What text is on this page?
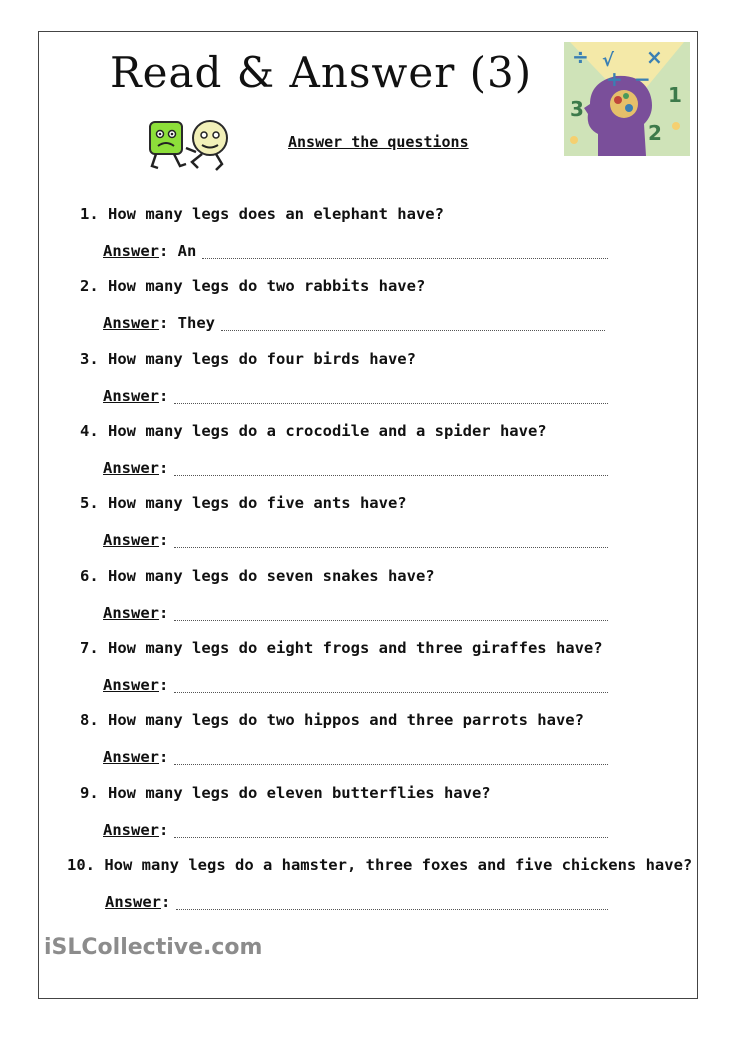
Read & Answer (3)
Answer the questions
÷ √ ×
+ −
3
1
2
1. How many legs does an elephant have?
Answer : An
2. How many legs do two rabbits have?
Answer : They
3. How many legs do four birds have?
Answer :
4. How many legs do a crocodile and a spider have?
Answer :
5. How many legs do five ants have?
Answer :
6. How many legs do seven snakes have?
Answer :
7. How many legs do eight frogs and three giraffes have?
Answer :
8. How many legs do two hippos and three parrots have?
Answer :
9. How many legs do eleven butterflies have?
Answer :
10. How many legs do a hamster, three foxes and five chickens have?
Answer :
iSLCollective.com
